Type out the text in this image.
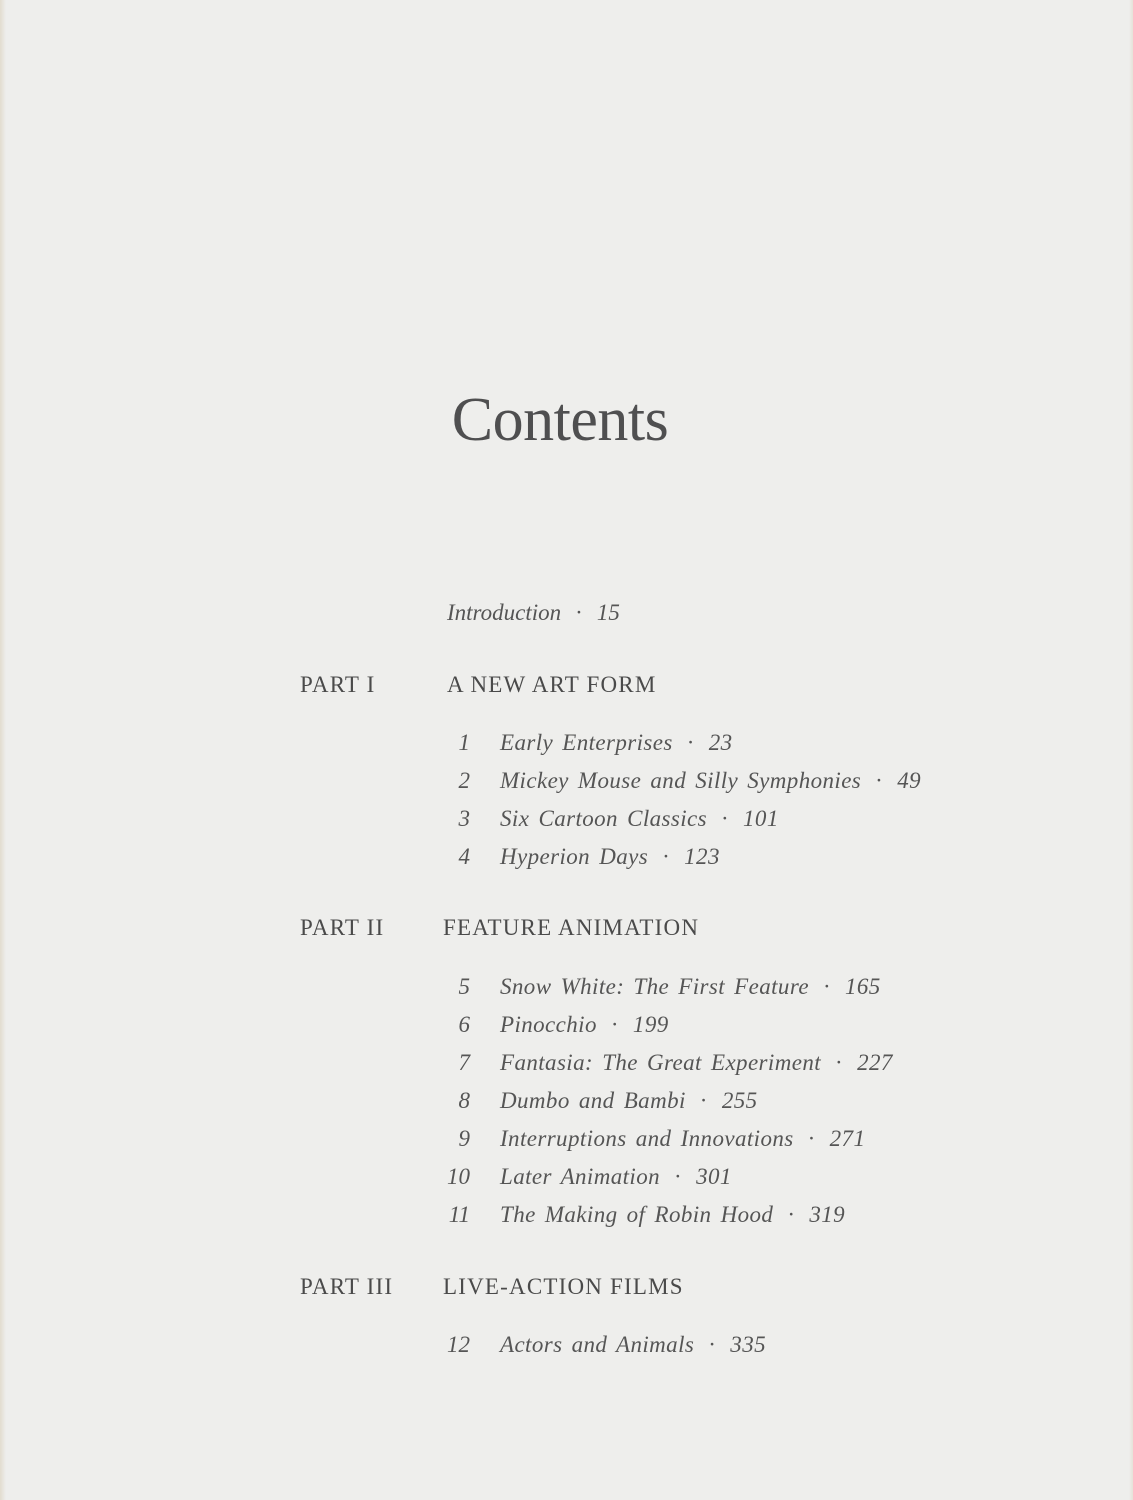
Contents
Introduction · 15
PART I	A NEW ART FORM
1 Early Enterprises · 23
2 Mickey Mouse and Silly Symphonies · 49
3 Six Cartoon Classics · 101
4 Hyperion Days · 123
PART II	FEATURE ANIMATION
5 Snow White: The First Feature · 165
6 Pinocchio · 199
7 Fantasia: The Great Experiment · 227
8 Dumbo and Bambi · 255
9 Interruptions and Innovations · 271
10 Later Animation · 301
11 The Making of Robin Hood · 319
PART III LIVE-ACTION FILMS
12 Actors and Animals · 335
